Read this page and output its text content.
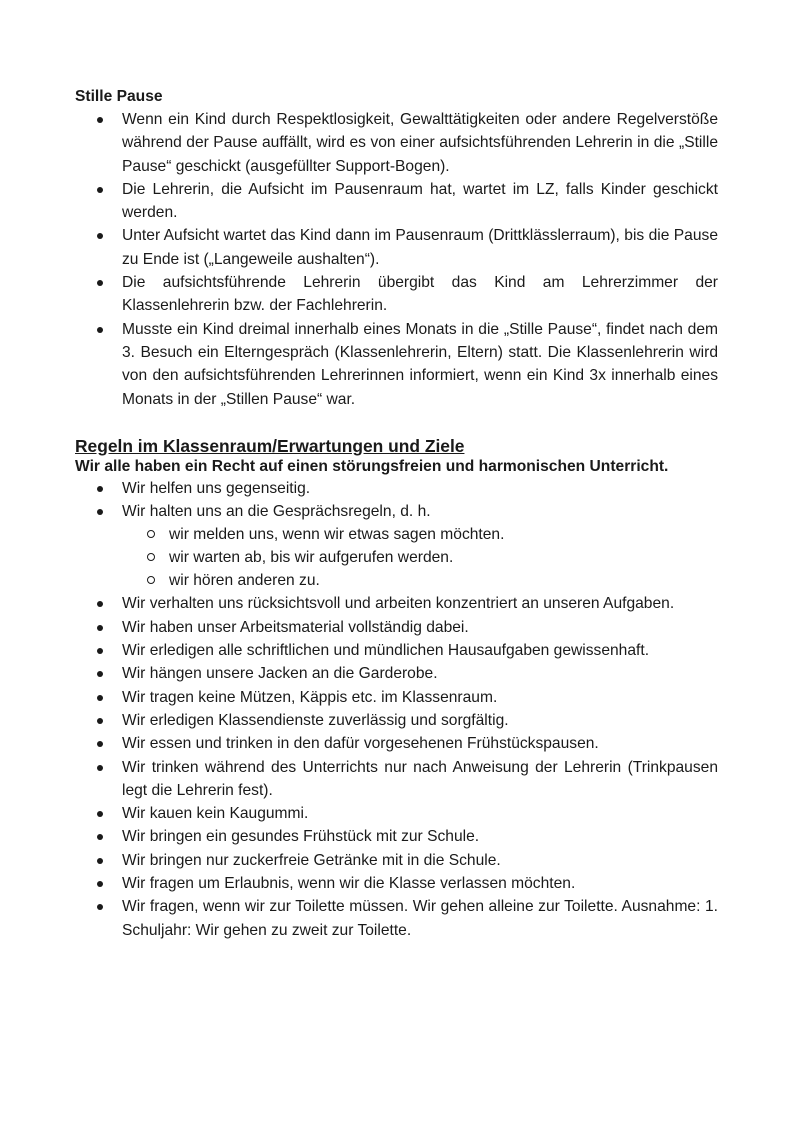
Stille Pause

Wenn ein Kind durch Respektlosigkeit, Gewalttätigkeiten oder andere Regelverstöße während der Pause auffällt, wird es von einer aufsichtsführenden Lehrerin in die „Stille Pause“ geschickt (ausgefüllter Support-Bogen).
Die Lehrerin, die Aufsicht im Pausenraum hat, wartet im LZ, falls Kinder geschickt werden.
Unter Aufsicht wartet das Kind dann im Pausenraum (Drittklässlerraum), bis die Pause zu Ende ist („Langeweile aushalten“).
Die aufsichtsführende Lehrerin übergibt das Kind am Lehrerzimmer der Klassenlehrerin bzw. der Fachlehrerin.
Musste ein Kind dreimal innerhalb eines Monats in die „Stille Pause“, findet nach dem 3. Besuch ein Elterngespräch (Klassenlehrerin, Eltern) statt. Die Klassenlehrerin wird von den aufsichtsführenden Lehrerinnen informiert, wenn ein Kind 3x innerhalb eines Monats in der „Stillen Pause“ war.

Regeln im Klassenraum/Erwartungen und Ziele

Wir alle haben ein Recht auf einen störungsfreien und harmonischen Unterricht.

Wir helfen uns gegenseitig.
Wir halten uns an die Gesprächsregeln, d. h.
wir melden uns, wenn wir etwas sagen möchten.
wir warten ab, bis wir aufgerufen werden.
wir hören anderen zu.
Wir verhalten uns rücksichtsvoll und arbeiten konzentriert an unseren Aufgaben.
Wir haben unser Arbeitsmaterial vollständig dabei.
Wir erledigen alle schriftlichen und mündlichen Hausaufgaben gewissenhaft.
Wir hängen unsere Jacken an die Garderobe.
Wir tragen keine Mützen, Käppis etc. im Klassenraum.
Wir erledigen Klassendienste zuverlässig und sorgfältig.
Wir essen und trinken in den dafür vorgesehenen Frühstückspausen.
Wir trinken während des Unterrichts nur nach Anweisung der Lehrerin (Trinkpausen legt die Lehrerin fest).
Wir kauen kein Kaugummi.
Wir bringen ein gesundes Frühstück mit zur Schule.
Wir bringen nur zuckerfreie Getränke mit in die Schule.
Wir fragen um Erlaubnis, wenn wir die Klasse verlassen möchten.
Wir fragen, wenn wir zur Toilette müssen. Wir gehen alleine zur Toilette. Ausnahme: 1. Schuljahr: Wir gehen zu zweit zur Toilette.
